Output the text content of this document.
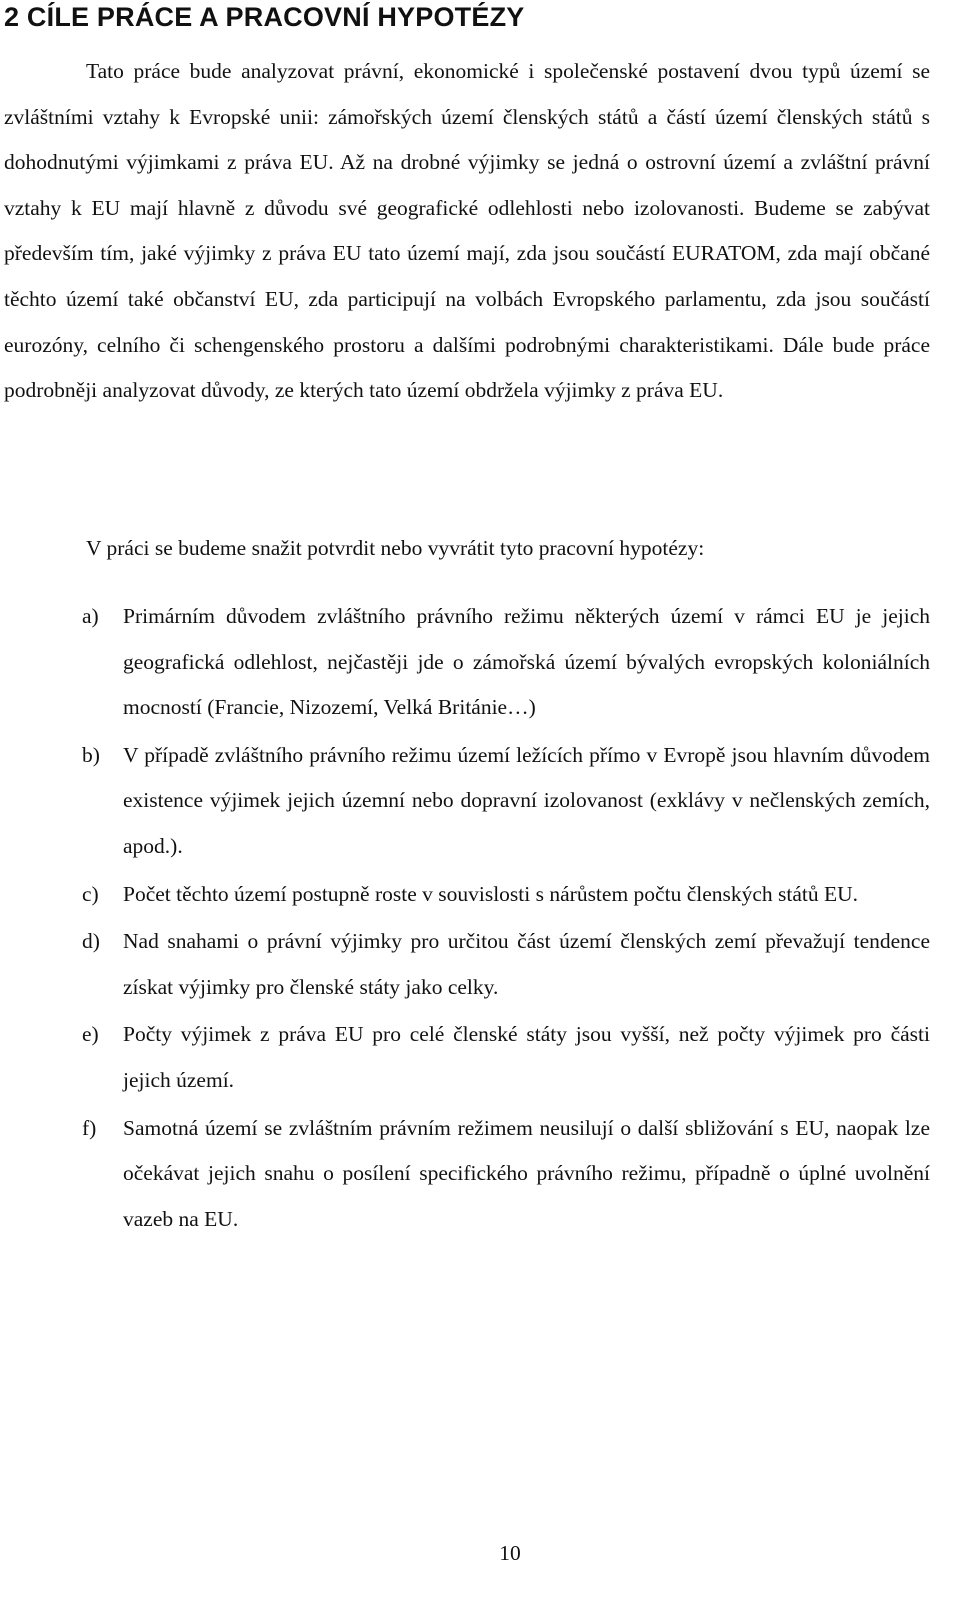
2 CÍLE PRÁCE A PRACOVNÍ HYPOTÉZY

Tato práce bude analyzovat právní, ekonomické i společenské postavení dvou typů území se zvláštními vztahy k Evropské unii: zámořských území členských států a částí území členských států s dohodnutými výjimkami z práva EU. Až na drobné výjimky se jedná o ostrovní území a zvláštní právní vztahy k EU mají hlavně z důvodu své geografické odlehlosti nebo izolovanosti. Budeme se zabývat především tím, jaké výjimky z práva EU tato území mají, zda jsou součástí EURATOM, zda mají občané těchto území také občanství EU, zda participují na volbách Evropského parlamentu, zda jsou součástí eurozóny, celního či schengenského prostoru a dalšími podrobnými charakteristikami. Dále bude práce podrobněji analyzovat důvody, ze kterých tato území obdržela výjimky z práva EU.

V práci se budeme snažit potvrdit nebo vyvrátit tyto pracovní hypotézy:

a) Primárním důvodem zvláštního právního režimu některých území v rámci EU je jejich geografická odlehlost, nejčastěji jde o zámořská území bývalých evropských koloniálních mocností (Francie, Nizozemí, Velká Británie…)
b) V případě zvláštního právního režimu území ležících přímo v Evropě jsou hlavním důvodem existence výjimek jejich územní nebo dopravní izolovanost (exklávy v nečlenských zemích, apod.).
c) Počet těchto území postupně roste v souvislosti s nárůstem počtu členských států EU.
d) Nad snahami o právní výjimky pro určitou část území členských zemí převažují tendence získat výjimky pro členské státy jako celky.
e) Počty výjimek z práva EU pro celé členské státy jsou vyšší, než počty výjimek pro části jejich území.
f) Samotná území se zvláštním právním režimem neusilují o další sbližování s EU, naopak lze očekávat jejich snahu o posílení specifického právního režimu, případně o úplné uvolnění vazeb na EU.
10
